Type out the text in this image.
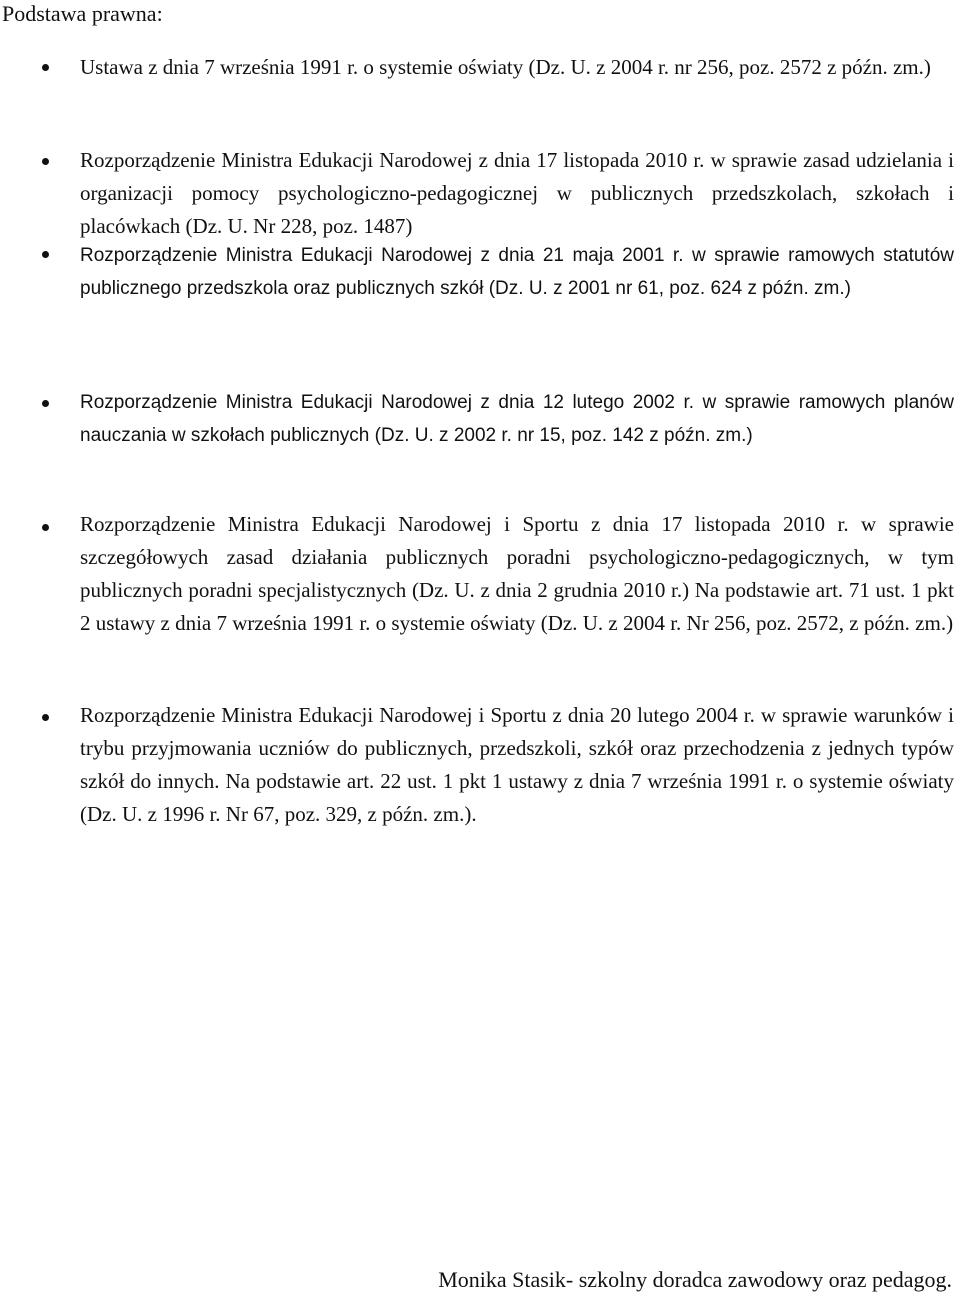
Podstawa prawna:

Ustawa z dnia 7 września 1991 r. o systemie oświaty (Dz. U. z 2004 r. nr 256, poz. 2572 z późn. zm.)

Rozporządzenie Ministra Edukacji Narodowej z dnia 17 listopada 2010 r. w sprawie zasad udzielania i organizacji pomocy psychologiczno-pedagogicznej w publicznych przedszkolach, szkołach i placówkach (Dz. U. Nr 228, poz. 1487)

Rozporządzenie Ministra Edukacji Narodowej z dnia 21 maja 2001 r. w sprawie ramowych statutów publicznego przedszkola oraz publicznych szkół (Dz. U. z 2001 nr 61, poz. 624 z późn. zm.)

Rozporządzenie Ministra Edukacji Narodowej z dnia 12 lutego 2002 r. w sprawie ramowych planów nauczania w szkołach publicznych (Dz. U. z 2002 r. nr 15, poz. 142 z późn. zm.)

Rozporządzenie Ministra Edukacji Narodowej i Sportu z dnia 17 listopada 2010 r. w sprawie szczegółowych zasad działania publicznych poradni psychologiczno-pedagogicznych, w tym publicznych poradni specjalistycznych (Dz. U. z dnia 2 grudnia 2010 r.) Na podstawie art. 71 ust. 1 pkt 2 ustawy z dnia 7 września 1991 r. o systemie oświaty (Dz. U. z 2004 r. Nr 256, poz. 2572, z późn. zm.)

Rozporządzenie Ministra Edukacji Narodowej i Sportu z dnia 20 lutego 2004 r. w sprawie warunków i trybu przyjmowania uczniów do publicznych, przedszkoli, szkół oraz przechodzenia z jednych typów szkół do innych. Na podstawie art. 22 ust. 1 pkt 1 ustawy z dnia 7 września 1991 r. o systemie oświaty (Dz. U. z 1996 r. Nr 67, poz. 329, z późn. zm.).

Monika Stasik- szkolny doradca zawodowy oraz pedagog.
